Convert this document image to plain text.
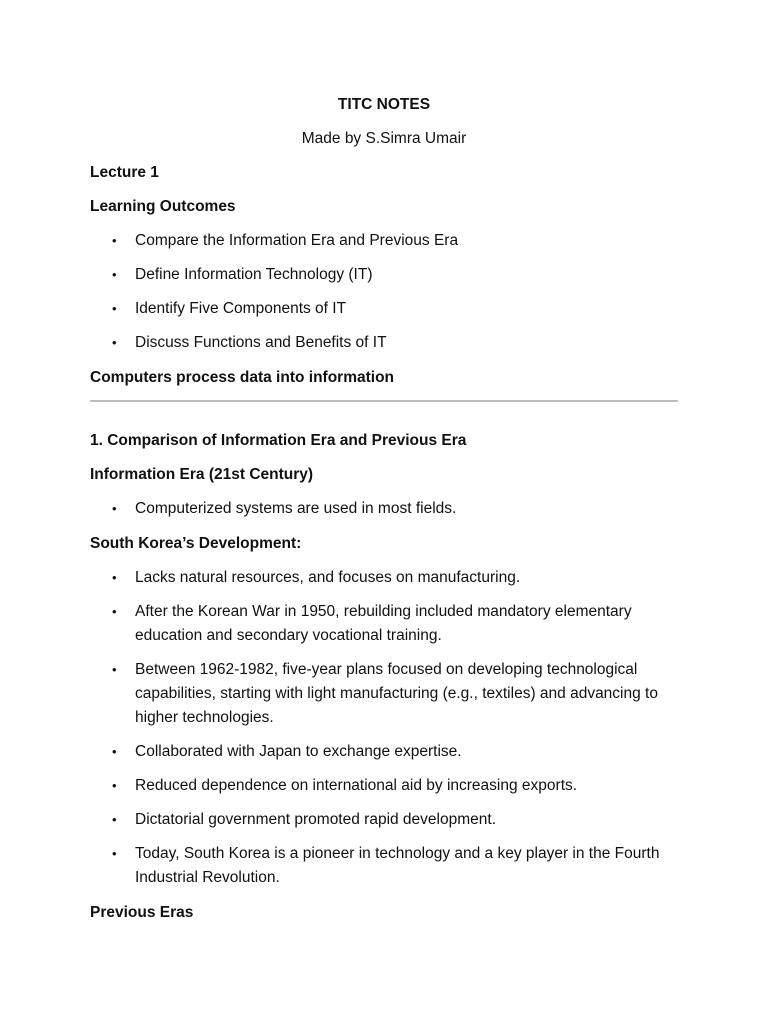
TITC NOTES
Made by S.Simra Umair
Lecture 1
Learning Outcomes
• Compare the Information Era and Previous Era
• Define Information Technology (IT)
• Identify Five Components of IT
• Discuss Functions and Benefits of IT
Computers process data into information
1. Comparison of Information Era and Previous Era
Information Era (21st Century)
• Computerized systems are used in most fields.
South Korea’s Development:
• Lacks natural resources, and focuses on manufacturing.
• After the Korean War in 1950, rebuilding included mandatory elementary education and secondary vocational training.
• Between 1962-1982, five-year plans focused on developing technological capabilities, starting with light manufacturing (e.g., textiles) and advancing to higher technologies.
• Collaborated with Japan to exchange expertise.
• Reduced dependence on international aid by increasing exports.
• Dictatorial government promoted rapid development.
• Today, South Korea is a pioneer in technology and a key player in the Fourth Industrial Revolution.
Previous Eras
